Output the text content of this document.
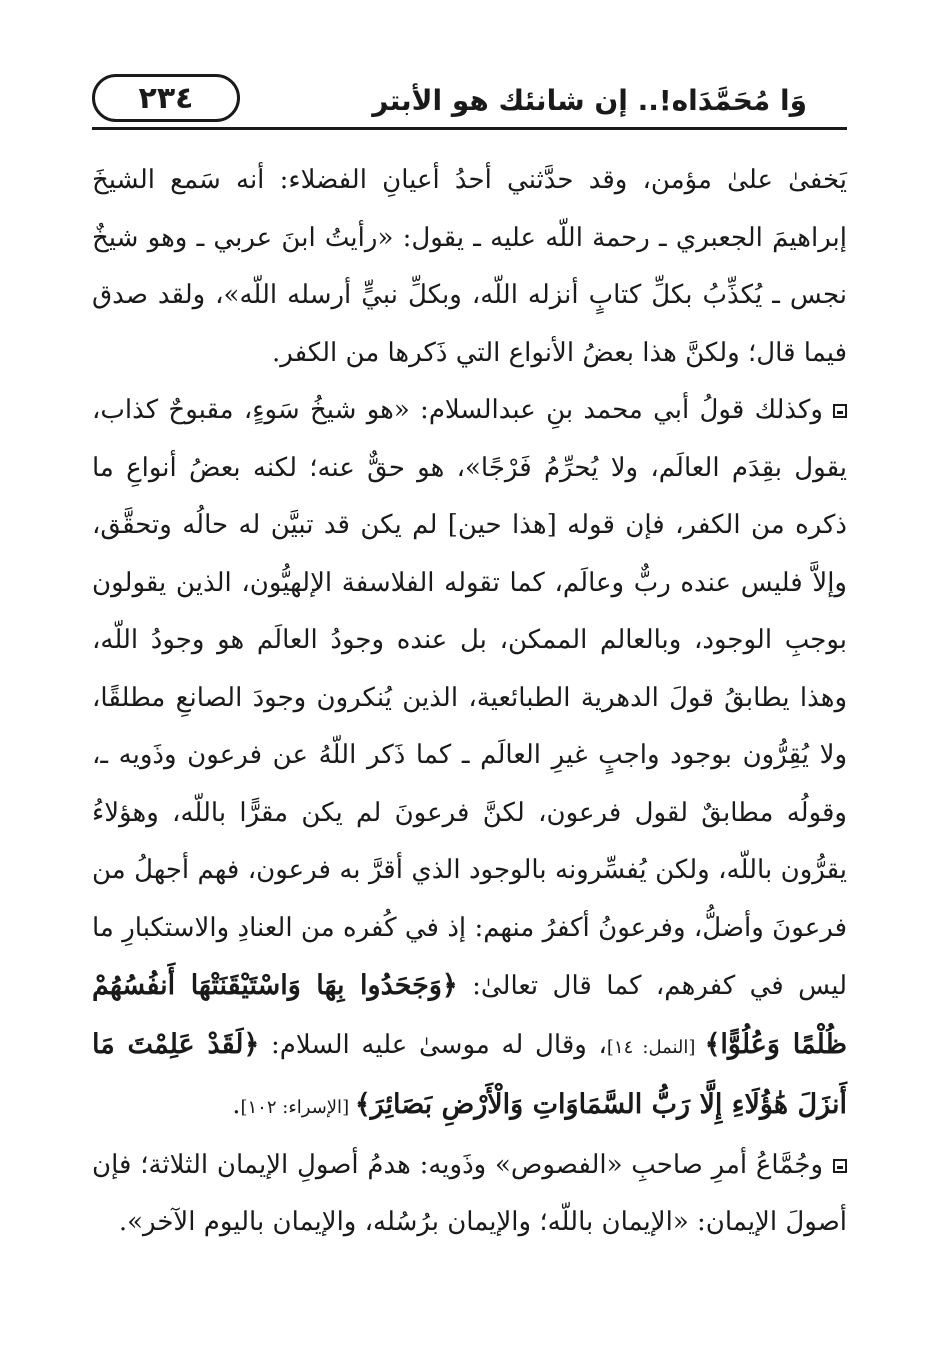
وَا مُحَمَّدَاه!.. إن شانئك هو الأبتر
٢٣٤

يَخفىٰ علىٰ مؤمن، وقد حدَّثني أحدُ أعيانِ الفضلاء: أنه سَمع الشيخَ إبراهيمَ الجعبري ـ رحمة اللّه عليه ـ يقول: «رأيتُ ابنَ عربي ـ وهو شيخٌ نجس ـ يُكذِّبُ بكلِّ كتابٍ أنزله اللّه، وبكلِّ نبيٍّ أرسله اللّه»، ولقد صدق فيما قال؛ ولكنَّ هذا بعضُ الأنواع التي ذَكرها من الكفر.

وكذلك قولُ أبي محمد بنِ عبدالسلام: «هو شيخُ سَوءٍ، مقبوحٌ كذاب، يقول بقِدَم العالَم، ولا يُحرِّمُ فَرْجًا»، هو حقٌّ عنه؛ لكنه بعضُ أنواعِ ما ذكره من الكفر، فإن قوله [هذا حين] لم يكن قد تبيَّن له حالُه وتحقَّق، وإلاَّ فليس عنده ربٌّ وعالَم، كما تقوله الفلاسفة الإلهيُّون، الذين يقولون بوجبِ الوجود، وبالعالم الممكن، بل عنده وجودُ العالَم هو وجودُ اللّه، وهذا يطابقُ قولَ الدهرية الطبائعية، الذين يُنكرون وجودَ الصانعِ مطلقًا، ولا يُقِرُّون بوجود واجبٍ غيرِ العالَم ـ كما ذَكر اللّهُ عن فرعون وذَويه ـ، وقولُه مطابقٌ لقول فرعون، لكنَّ فرعونَ لم يكن مقرًّا باللّه، وهؤلاءُ يقرُّون باللّه، ولكن يُفسِّرونه بالوجود الذي أقرَّ به فرعون، فهم أجهلُ من فرعونَ وأضلُّ، وفرعونُ أكفرُ منهم: إذ في كُفره من العنادِ والاستكبارِ ما ليس في كفرهم، كما قال تعالىٰ: ﴿وَجَحَدُوا بِهَا وَاسْتَيْقَنَتْهَا أَنفُسُهُمْ ظُلْمًا وَعُلُوًّا﴾ [النمل: ١٤]، وقال له موسىٰ عليه السلام: ﴿لَقَدْ عَلِمْتَ مَا أَنزَلَ هَٰؤُلَاءِ إِلَّا رَبُّ السَّمَاوَاتِ وَالْأَرْضِ بَصَائِرَ﴾ [الإسراء: ١٠٢].

وجُمَّاعُ أمرِ صاحبِ «الفصوص» وذَويه: هدمُ أصولِ الإيمان الثلاثة؛ فإن أصولَ الإيمان: «الإيمان باللّه؛ والإيمان برُسُله، والإيمان باليوم الآخر».
